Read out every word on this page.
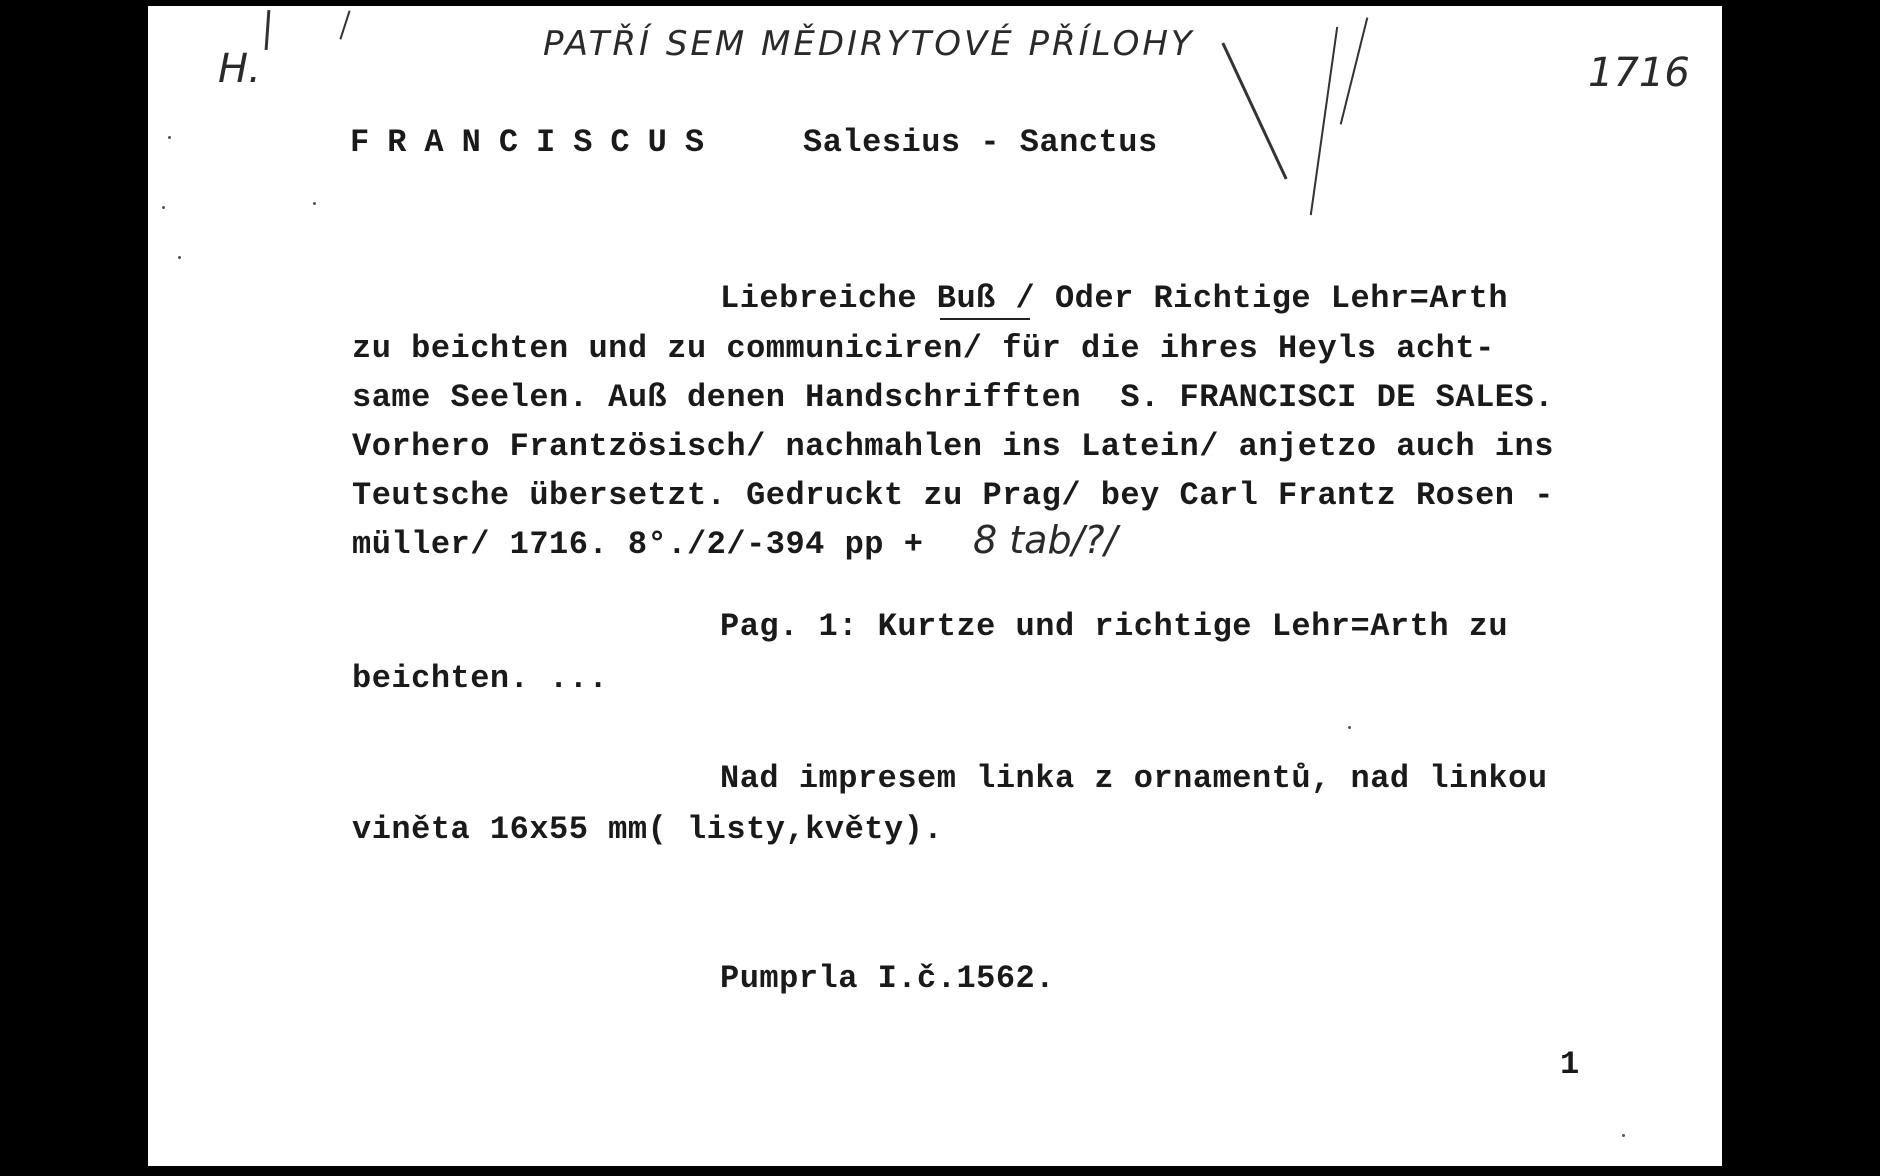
H.
PATŘÍ SEM MĚDIRYTOVÉ PŘÍLOHY
1716
FRANCISCUS	Salesius - Sanctus
Liebreiche Buß / Oder Richtige Lehr=Arth
zu beichten und zu communiciren/ für die ihres Heyls acht-
same Seelen. Auß denen Handschrifften  S. FRANCISCI DE SALES.
Vorhero Frantzösisch/ nachmahlen ins Latein/ anjetzo auch ins
Teutsche übersetzt. Gedruckt zu Prag/ bey Carl Frantz Rosen -
müller/ 1716. 8°./2/-394 pp + 8 tab/?/
Pag. 1: Kurtze und richtige Lehr=Arth zu
beichten. ...
Nad impresem linka z ornamentů, nad linkou
viněta 16x55 mm( listy,květy).
Pumprla I.č.1562.
1
